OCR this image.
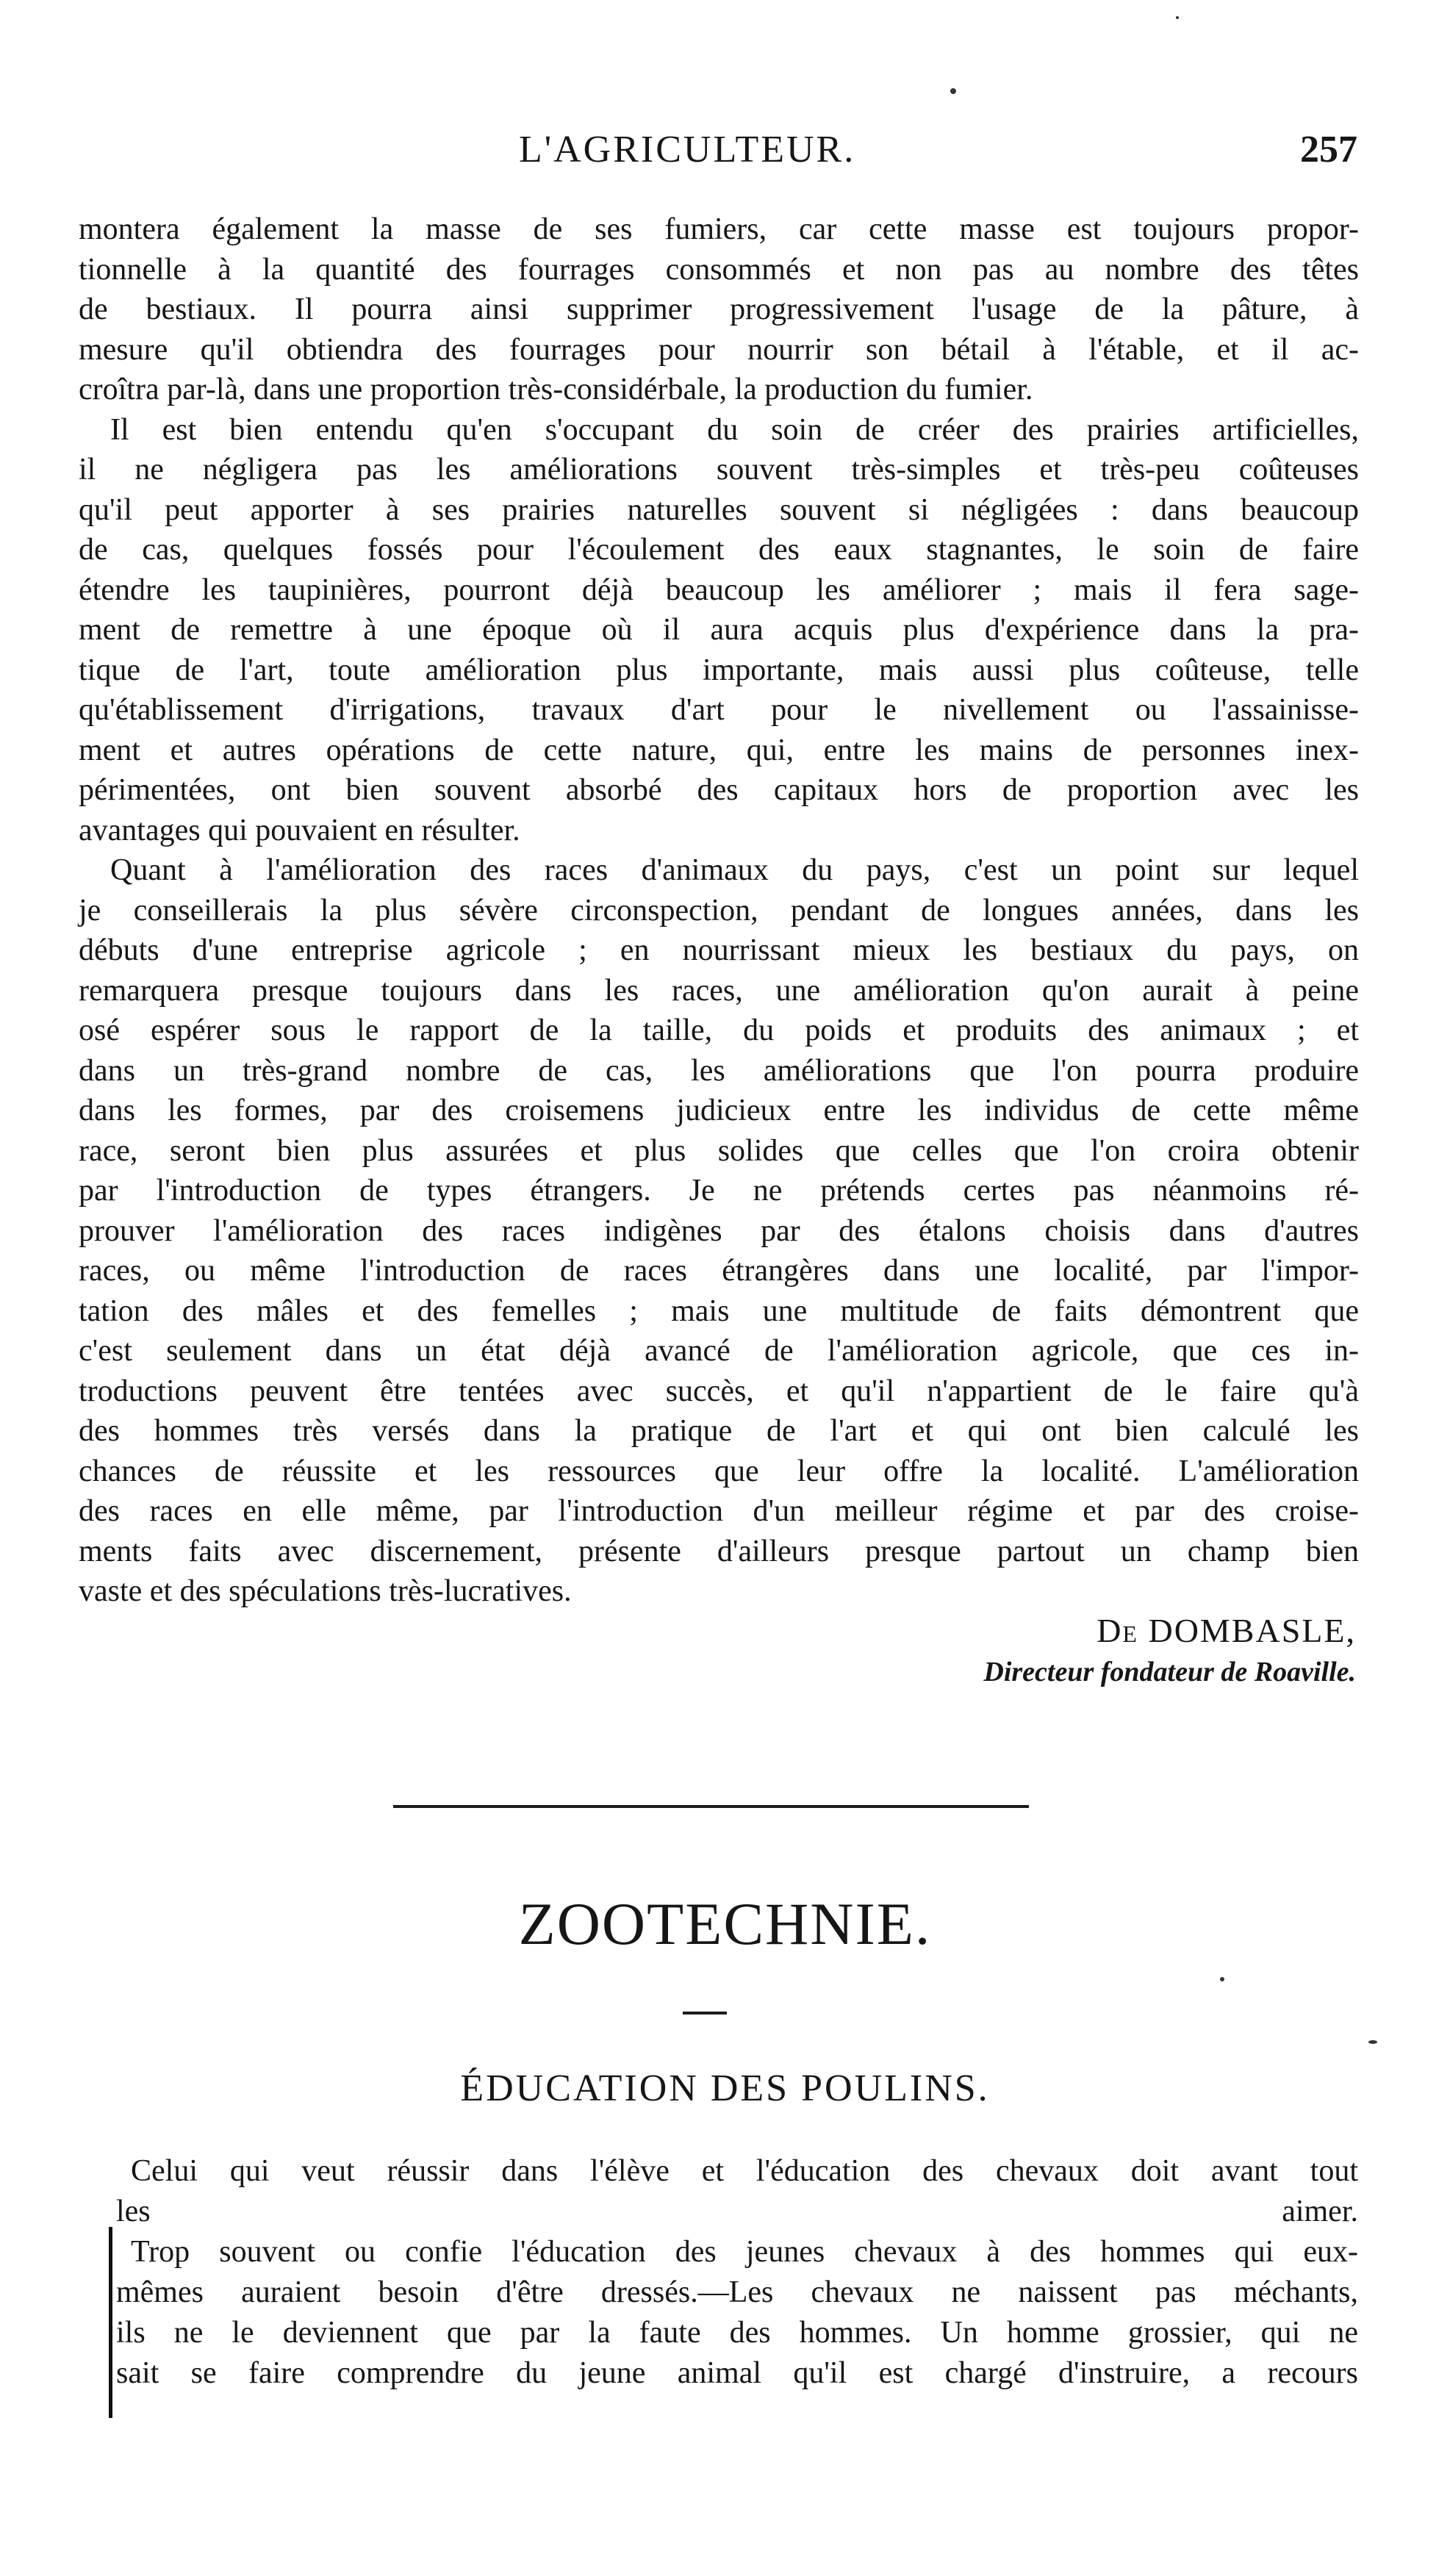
L'AGRICULTEUR.	257

montera également la masse de ses fumiers, car cette masse est toujours propor-

tionnelle à la quantité des fourrages consommés et non pas au nombre des têtes

de bestiaux. Il pourra ainsi supprimer progressivement l'usage de la pâture, à

mesure qu'il obtiendra des fourrages pour nourrir son bétail à l'étable, et il ac-

croîtra par-là, dans une proportion très-considérbale, la production du fumier.

Il est bien entendu qu'en s'occupant du soin de créer des prairies artificielles,

il ne négligera pas les améliorations souvent très-simples et très-peu coûteuses

qu'il peut apporter à ses prairies naturelles souvent si négligées : dans beaucoup

de cas, quelques fossés pour l'écoulement des eaux stagnantes, le soin de faire

étendre les taupinières, pourront déjà beaucoup les améliorer ; mais il fera sage-

ment de remettre à une époque où il aura acquis plus d'expérience dans la pra-

tique de l'art, toute amélioration plus importante, mais aussi plus coûteuse, telle

qu'établissement d'irrigations, travaux d'art pour le nivellement ou l'assainisse-

ment et autres opérations de cette nature, qui, entre les mains de personnes inex-

périmentées, ont bien souvent absorbé des capitaux hors de proportion avec les

avantages qui pouvaient en résulter.

Quant à l'amélioration des races d'animaux du pays, c'est un point sur lequel

je conseillerais la plus sévère circonspection, pendant de longues années, dans les

débuts d'une entreprise agricole ; en nourrissant mieux les bestiaux du pays, on

remarquera presque toujours dans les races, une amélioration qu'on aurait à peine

osé espérer sous le rapport de la taille, du poids et produits des animaux ; et

dans un très-grand nombre de cas, les améliorations que l'on pourra produire

dans les formes, par des croisemens judicieux entre les individus de cette même

race, seront bien plus assurées et plus solides que celles que l'on croira obtenir

par l'introduction de types étrangers. Je ne prétends certes pas néanmoins ré-

prouver l'amélioration des races indigènes par des étalons choisis dans d'autres

races, ou même l'introduction de races étrangères dans une localité, par l'impor-

tation des mâles et des femelles ; mais une multitude de faits démontrent que

c'est seulement dans un état déjà avancé de l'amélioration agricole, que ces in-

troductions peuvent être tentées avec succès, et qu'il n'appartient de le faire qu'à

des hommes très versés dans la pratique de l'art et qui ont bien calculé les

chances de réussite et les ressources que leur offre la localité. L'amélioration

des races en elle même, par l'introduction d'un meilleur régime et par des croise-

ments faits avec discernement, présente d'ailleurs presque partout un champ bien

vaste et des spéculations très-lucratives.

De DOMBASLE,
Directeur fondateur de Roaville.
ZOOTECHNIE.
ÉDUCATION DES POULINS.

Celui qui veut réussir dans l'élève et l'éducation des chevaux doit avant tout

les aimer.

Trop souvent ou confie l'éducation des jeunes chevaux à des hommes qui eux-

mêmes auraient besoin d'être dressés.—Les chevaux ne naissent pas méchants,

ils ne le deviennent que par la faute des hommes. Un homme grossier, qui ne

sait se faire comprendre du jeune animal qu'il est chargé d'instruire, a recours
